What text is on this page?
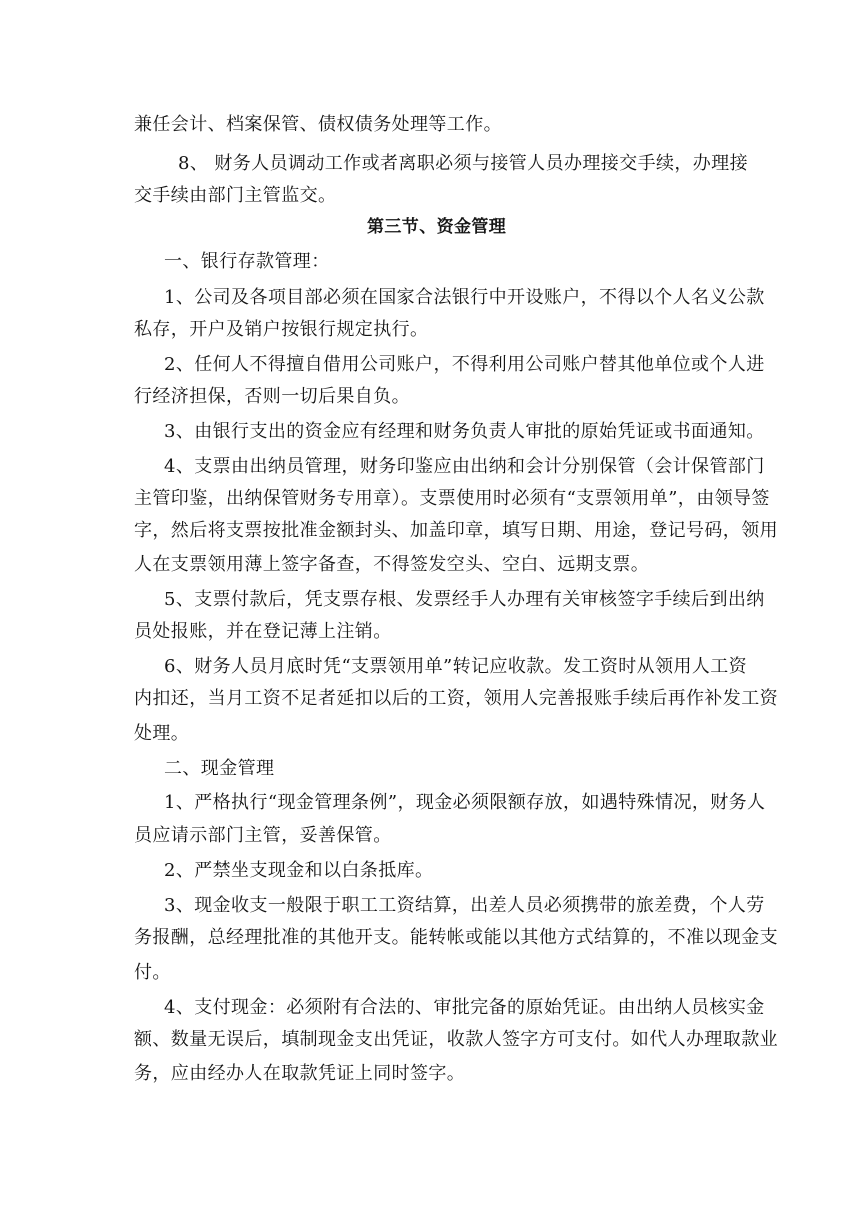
兼任会计、档案保管、债权债务处理等工作。
8、 财务人员调动工作或者离职必须与接管人员办理接交手续，办理接
交手续由部门主管监交。
第三节、资金管理
一、银行存款管理：
1、公司及各项目部必须在国家合法银行中开设账户，不得以个人名义公款
私存，开户及销户按银行规定执行。
2、任何人不得擅自借用公司账户，不得利用公司账户替其他单位或个人进
行经济担保，否则一切后果自负。
3、由银行支出的资金应有经理和财务负责人审批的原始凭证或书面通知。
4、支票由出纳员管理，财务印鉴应由出纳和会计分别保管（会计保管部门
主管印鉴，出纳保管财务专用章）。支票使用时必须有“支票领用单”，由领导签
字，然后将支票按批准金额封头、加盖印章，填写日期、用途，登记号码，领用
人在支票领用薄上签字备查，不得签发空头、空白、远期支票。
5、支票付款后，凭支票存根、发票经手人办理有关审核签字手续后到出纳
员处报账，并在登记薄上注销。
6、财务人员月底时凭“支票领用单”转记应收款。发工资时从领用人工资
内扣还，当月工资不足者延扣以后的工资，领用人完善报账手续后再作补发工资
处理。
二、现金管理
1、严格执行“现金管理条例”，现金必须限额存放，如遇特殊情况，财务人
员应请示部门主管，妥善保管。
2、严禁坐支现金和以白条抵库。
3、现金收支一般限于职工工资结算，出差人员必须携带的旅差费，个人劳
务报酬，总经理批准的其他开支。能转帐或能以其他方式结算的，不准以现金支
付。
4、支付现金：必须附有合法的、审批完备的原始凭证。由出纳人员核实金
额、数量无误后，填制现金支出凭证，收款人签字方可支付。如代人办理取款业
务，应由经办人在取款凭证上同时签字。
